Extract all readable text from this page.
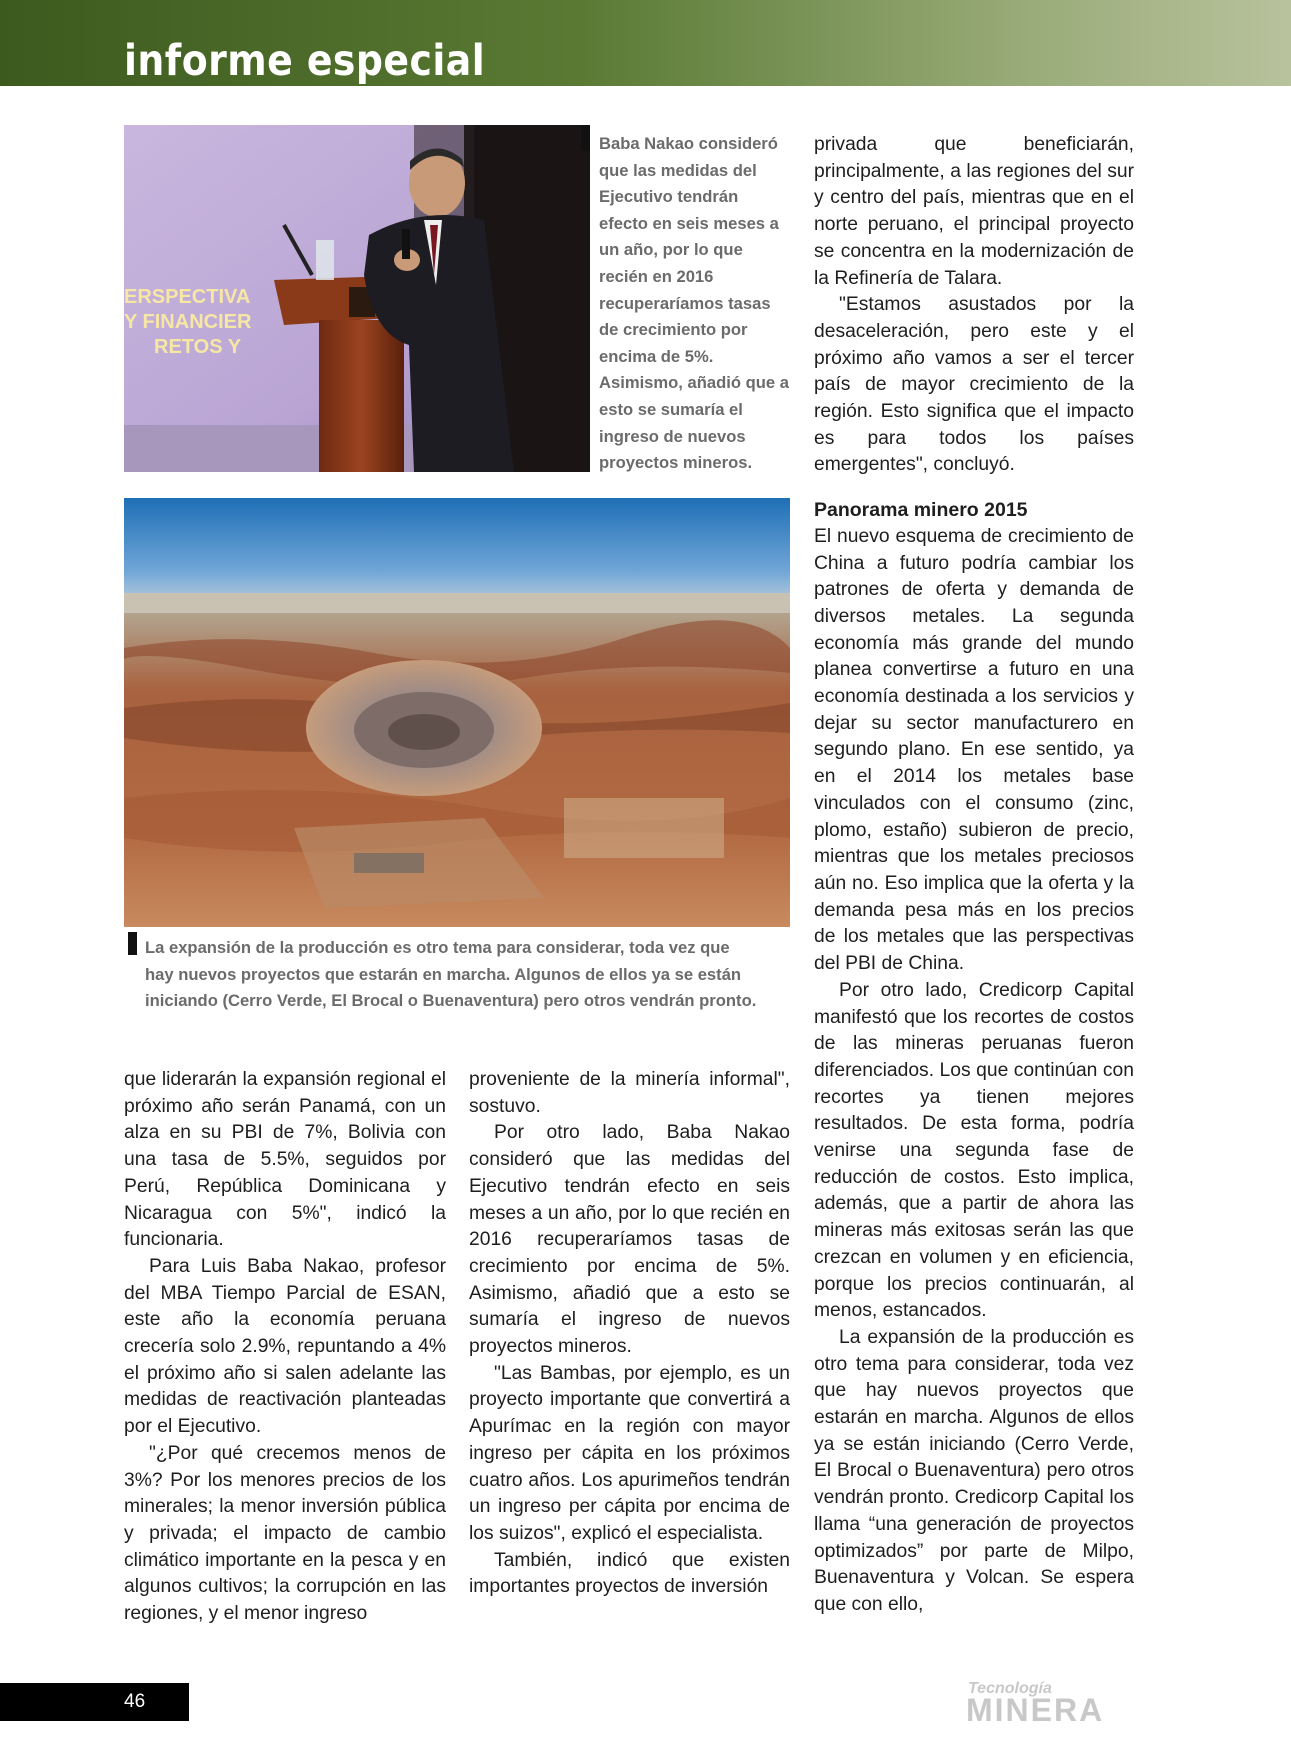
informe especial
ERSPECTIVA
Y FINANCIER
RETOS Y
Baba Nakao consideró que las medidas del Ejecutivo tendrán efecto en seis meses a un año, por lo que recién en 2016 recuperaríamos tasas de crecimiento por encima de 5%. Asimismo, añadió que a esto se sumaría el ingreso de nuevos proyectos mineros.
La expansión de la producción es otro tema para considerar, toda vez que hay nuevos proyectos que estarán en marcha. Algunos de ellos ya se están iniciando (Cerro Verde, El Brocal o Buenaventura) pero otros vendrán pronto.

que liderarán la expansión regional el próximo año serán Panamá, con un alza en su PBI de 7%, Bolivia con una tasa de 5.5%, seguidos por Perú, República Dominicana y Nicaragua con 5%", indicó la funcionaria.

Para Luis Baba Nakao, profesor del MBA Tiempo Parcial de ESAN, este año la economía peruana crecería solo 2.9%, repuntando a 4% el próximo año si salen adelante las medidas de reactivación planteadas por el Ejecutivo.

"¿Por qué crecemos menos de 3%? Por los menores precios de los minerales; la menor inversión pública y privada; el impacto de cambio climático importante en la pesca y en algunos cultivos; la corrupción en las regiones, y el menor ingreso

proveniente de la minería informal", sostuvo.

Por otro lado, Baba Nakao consideró que las medidas del Ejecutivo tendrán efecto en seis meses a un año, por lo que recién en 2016 recuperaríamos tasas de crecimiento por encima de 5%. Asimismo, añadió que a esto se sumaría el ingreso de nuevos proyectos mineros.

"Las Bambas, por ejemplo, es un proyecto importante que convertirá a Apurímac en la región con mayor ingreso per cápita en los próximos cuatro años. Los apurimeños tendrán un ingreso per cápita por encima de los suizos", explicó el especialista.

También, indicó que existen importantes proyectos de inversión

privada que beneficiarán, principalmente, a las regiones del sur y centro del país, mientras que en el norte peruano, el principal proyecto se concentra en la modernización de la Refinería de Talara.

"Estamos asustados por la desaceleración, pero este y el próximo año vamos a ser el tercer país de mayor crecimiento de la región. Esto significa que el impacto es para todos los países emergentes", concluyó.

Panorama minero 2015

El nuevo esquema de crecimiento de China a futuro podría cambiar los patrones de oferta y demanda de diversos metales. La segunda economía más grande del mundo planea convertirse a futuro en una economía destinada a los servicios y dejar su sector manufacturero en segundo plano. En ese sentido, ya en el 2014 los metales base vinculados con el consumo (zinc, plomo, estaño) subieron de precio, mientras que los metales preciosos aún no. Eso implica que la oferta y la demanda pesa más en los precios de los metales que las perspectivas del PBI de China.

Por otro lado, Credicorp Capital manifestó que los recortes de costos de las mineras peruanas fueron diferenciados. Los que continúan con recortes ya tienen mejores resultados. De esta forma, podría venirse una segunda fase de reducción de costos. Esto implica, además, que a partir de ahora las mineras más exitosas serán las que crezcan en volumen y en eficiencia, porque los precios continuarán, al menos, estancados.

La expansión de la producción es otro tema para considerar, toda vez que hay nuevos proyectos que estarán en marcha. Algunos de ellos ya se están iniciando (Cerro Verde, El Brocal o Buenaventura) pero otros vendrán pronto. Credicorp Capital los llama “una generación de proyectos optimizados” por parte de Milpo, Buenaventura y Volcan. Se espera que con ello,

46
Tecnología
MINERA
